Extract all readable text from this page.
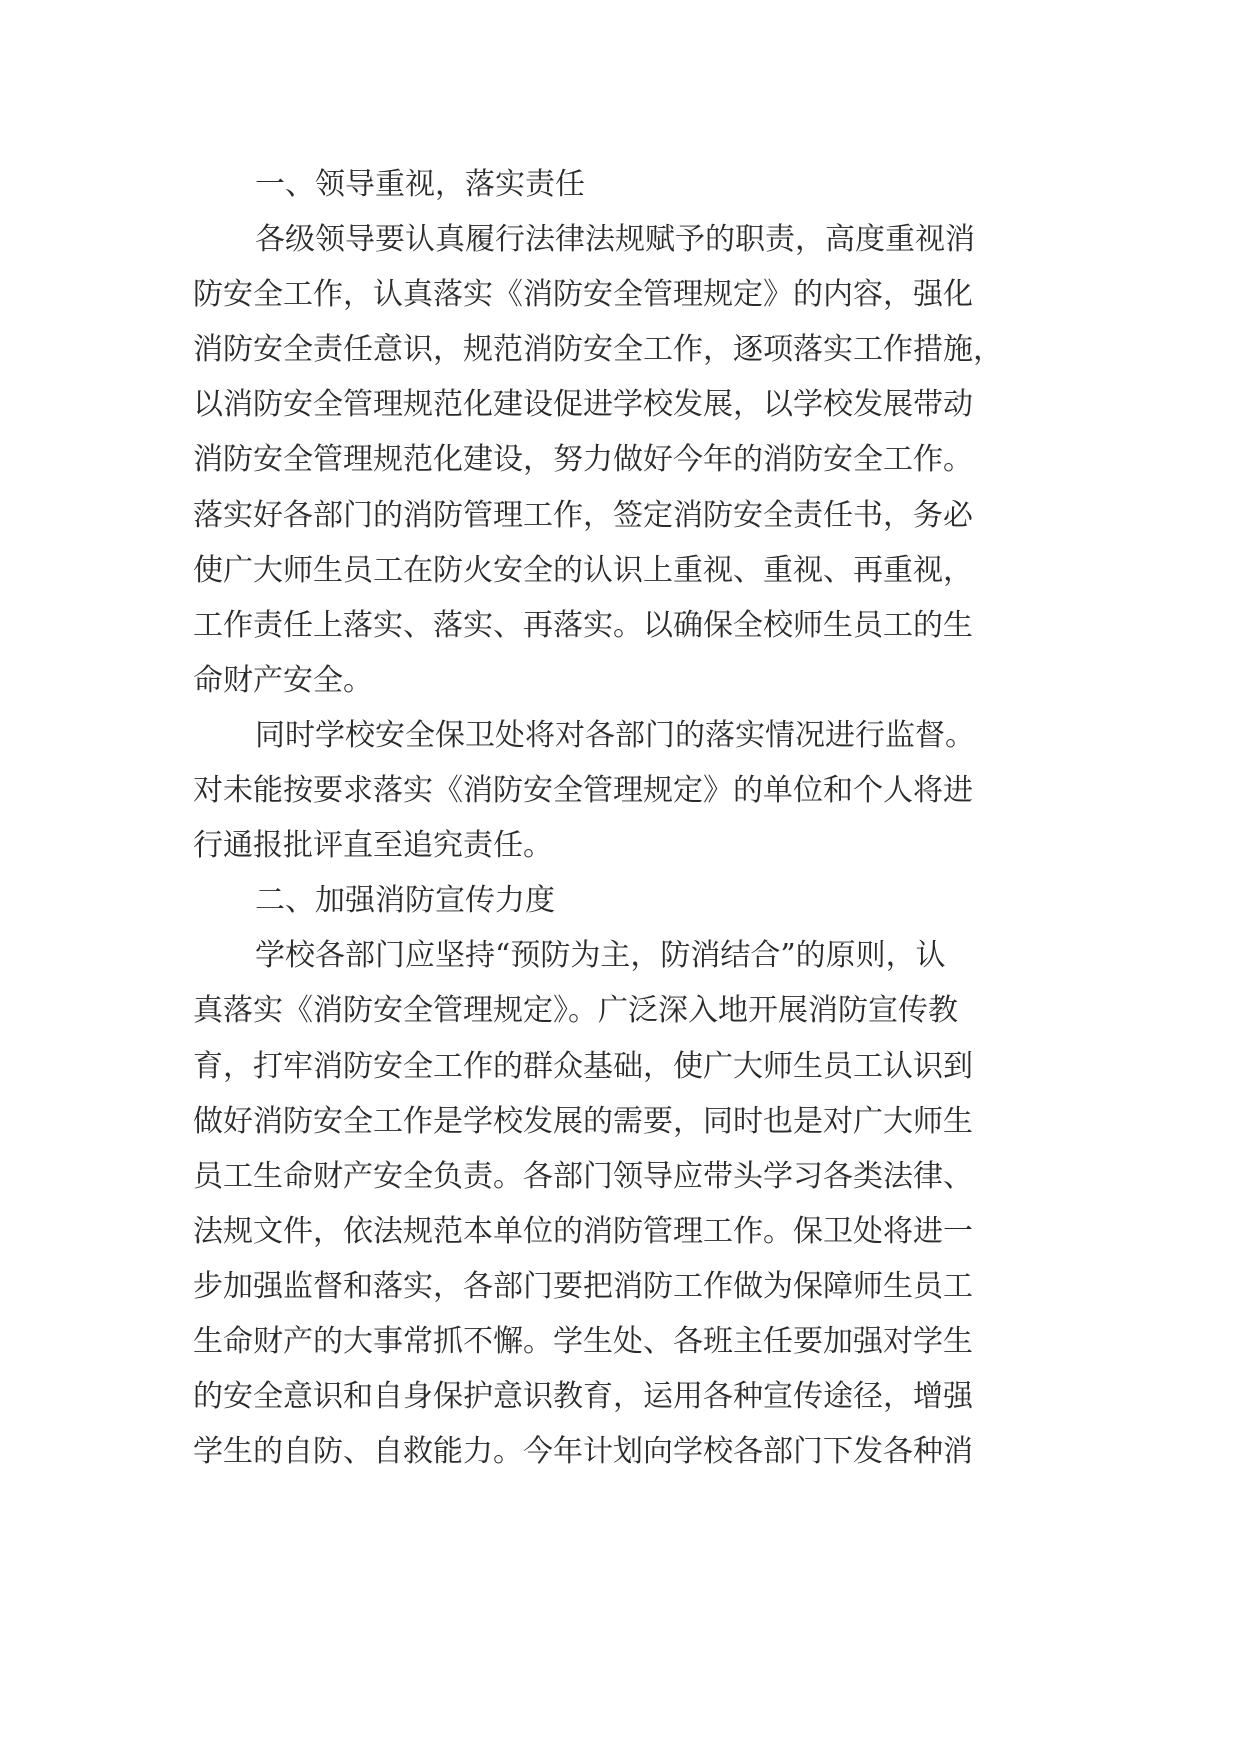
一、领导重视，落实责任
各级领导要认真履行法律法规赋予的职责，高度重视消
防安全工作，认真落实《消防安全管理规定》的内容，强化
消防安全责任意识，规范消防安全工作，逐项落实工作措施，
以消防安全管理规范化建设促进学校发展，以学校发展带动
消防安全管理规范化建设，努力做好今年的消防安全工作。
落实好各部门的消防管理工作，签定消防安全责任书，务必
使广大师生员工在防火安全的认识上重视、重视、再重视，
工作责任上落实、落实、再落实。以确保全校师生员工的生
命财产安全。
同时学校安全保卫处将对各部门的落实情况进行监督。
对未能按要求落实《消防安全管理规定》的单位和个人将进
行通报批评直至追究责任。
二、加强消防宣传力度
学校各部门应坚持“预防为主，防消结合”的原则，认
真落实《消防安全管理规定》。广泛深入地开展消防宣传教
育，打牢消防安全工作的群众基础，使广大师生员工认识到
做好消防安全工作是学校发展的需要，同时也是对广大师生
员工生命财产安全负责。各部门领导应带头学习各类法律、
法规文件，依法规范本单位的消防管理工作。保卫处将进一
步加强监督和落实，各部门要把消防工作做为保障师生员工
生命财产的大事常抓不懈。学生处、各班主任要加强对学生
的安全意识和自身保护意识教育，运用各种宣传途径，增强
学生的自防、自救能力。今年计划向学校各部门下发各种消
